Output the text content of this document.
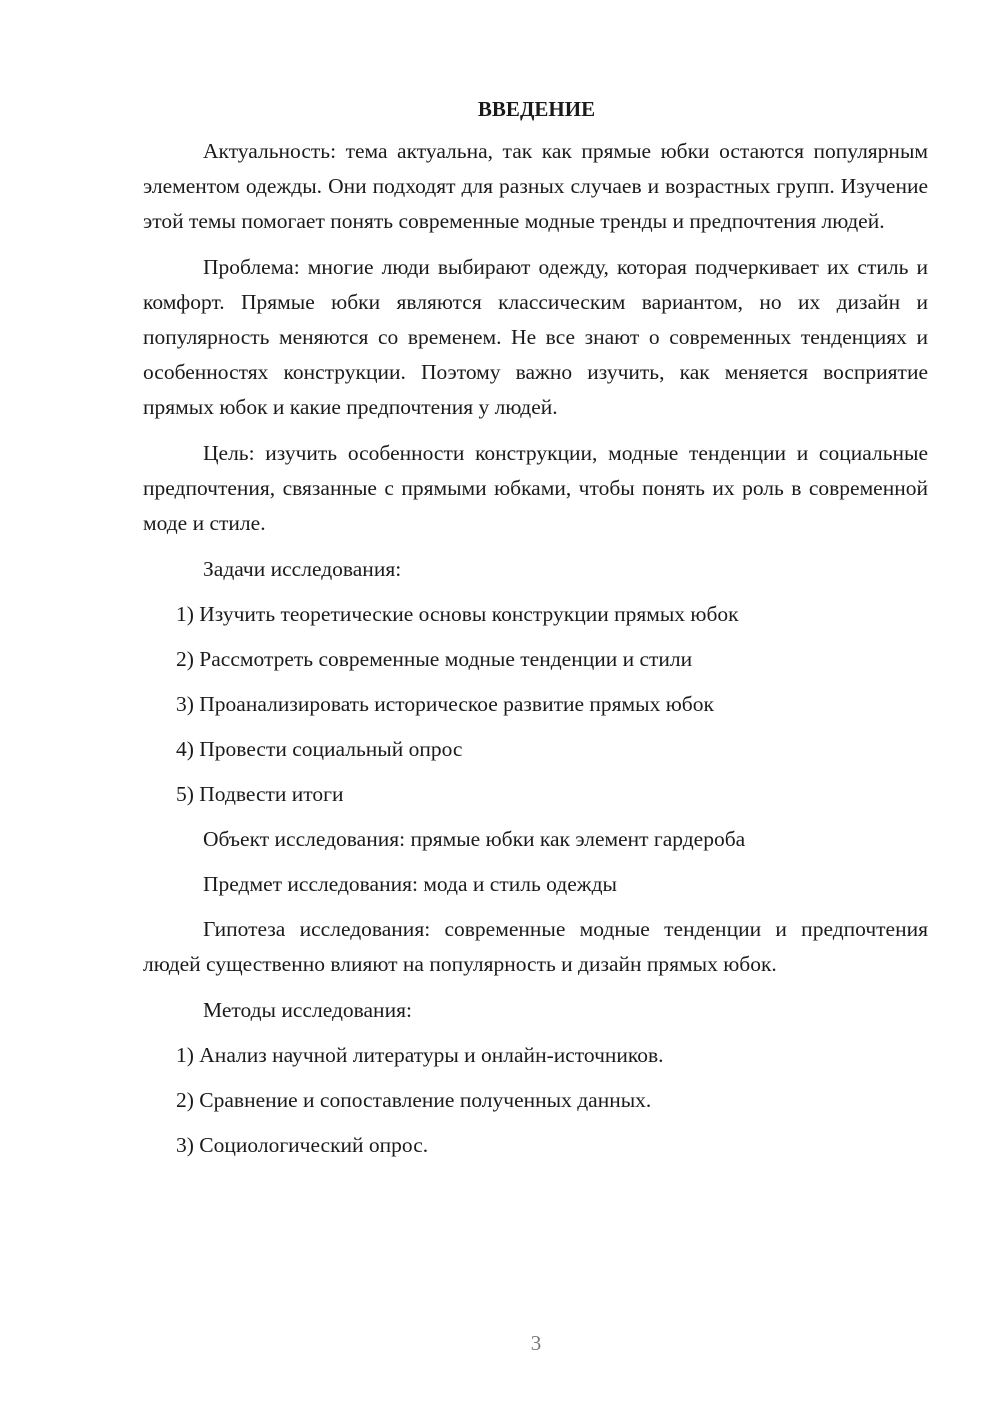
ВВЕДЕНИЕ

Актуальность: тема актуальна, так как прямые юбки остаются популярным элементом одежды. Они подходят для разных случаев и возрастных групп. Изучение этой темы помогает понять современные модные тренды и предпочтения людей.

Проблема: многие люди выбирают одежду, которая подчеркивает их стиль и комфорт. Прямые юбки являются классическим вариантом, но их дизайн и популярность меняются со временем. Не все знают о современных тенденциях и особенностях конструкции. Поэтому важно изучить, как меняется восприятие прямых юбок и какие предпочтения у людей.

Цель: изучить особенности конструкции, модные тенденции и социальные предпочтения, связанные с прямыми юбками, чтобы понять их роль в современной моде и стиле.

Задачи исследования:

1) Изучить теоретические основы конструкции прямых юбок

2) Рассмотреть современные модные тенденции и стили

3) Проанализировать историческое развитие прямых юбок

4) Провести социальный опрос

5) Подвести итоги

Объект исследования: прямые юбки как элемент гардероба

Предмет исследования: мода и стиль одежды

Гипотеза исследования: современные модные тенденции и предпочтения людей существенно влияют на популярность и дизайн прямых юбок.

Методы исследования:

1) Анализ научной литературы и онлайн-источников.

2) Сравнение и сопоставление полученных данных.

3) Социологический опрос.

3
